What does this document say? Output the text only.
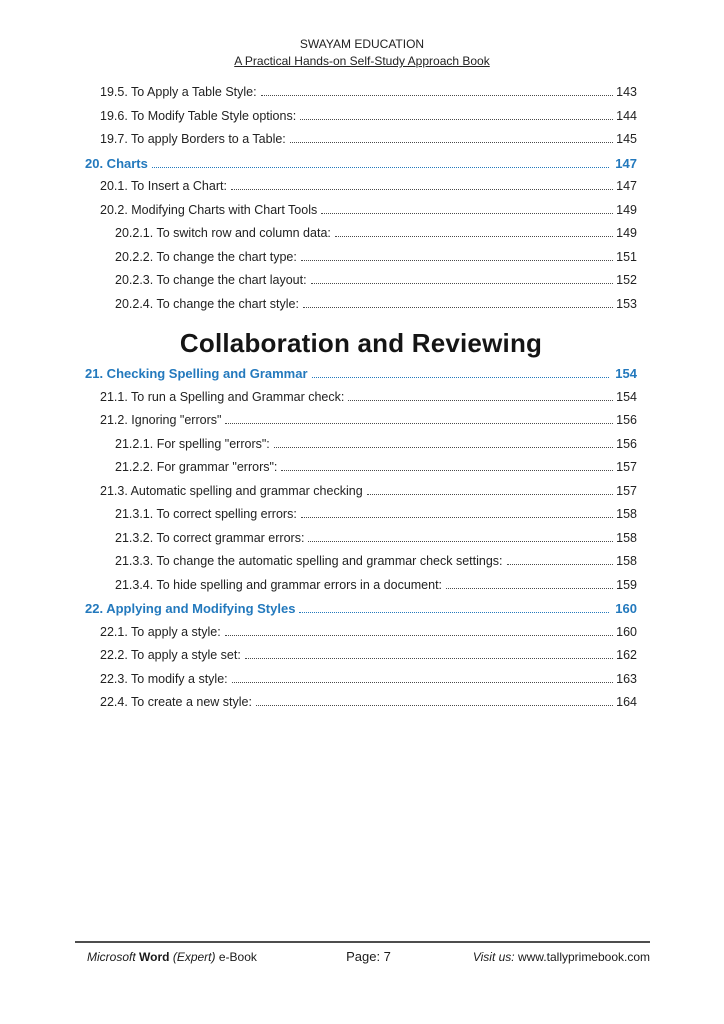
SWAYAM EDUCATION
A Practical Hands-on Self-Study Approach Book
19.5. To Apply a Table Style:	143
19.6. To Modify Table Style options:	144
19.7. To apply Borders to a Table:	145
20. Charts	147
20.1. To Insert a Chart:	147
20.2. Modifying Charts with Chart Tools	149
20.2.1. To switch row and column data:	149
20.2.2. To change the chart type:	151
20.2.3. To change the chart layout:	152
20.2.4. To change the chart style:	153
Collaboration and Reviewing
21. Checking Spelling and Grammar	154
21.1. To run a Spelling and Grammar check:	154
21.2. Ignoring "errors"	156
21.2.1. For spelling "errors":	156
21.2.2. For grammar "errors":	157
21.3. Automatic spelling and grammar checking	157
21.3.1. To correct spelling errors:	158
21.3.2. To correct grammar errors:	158
21.3.3. To change the automatic spelling and grammar check settings:	158
21.3.4. To hide spelling and grammar errors in a document:	159
22. Applying and Modifying Styles	160
22.1. To apply a style:	160
22.2. To apply a style set:	162
22.3. To modify a style:	163
22.4. To create a new style:	164
Microsoft Word (Expert) e-Book	Page: 7	Visit us: www.tallyprimebook.com
